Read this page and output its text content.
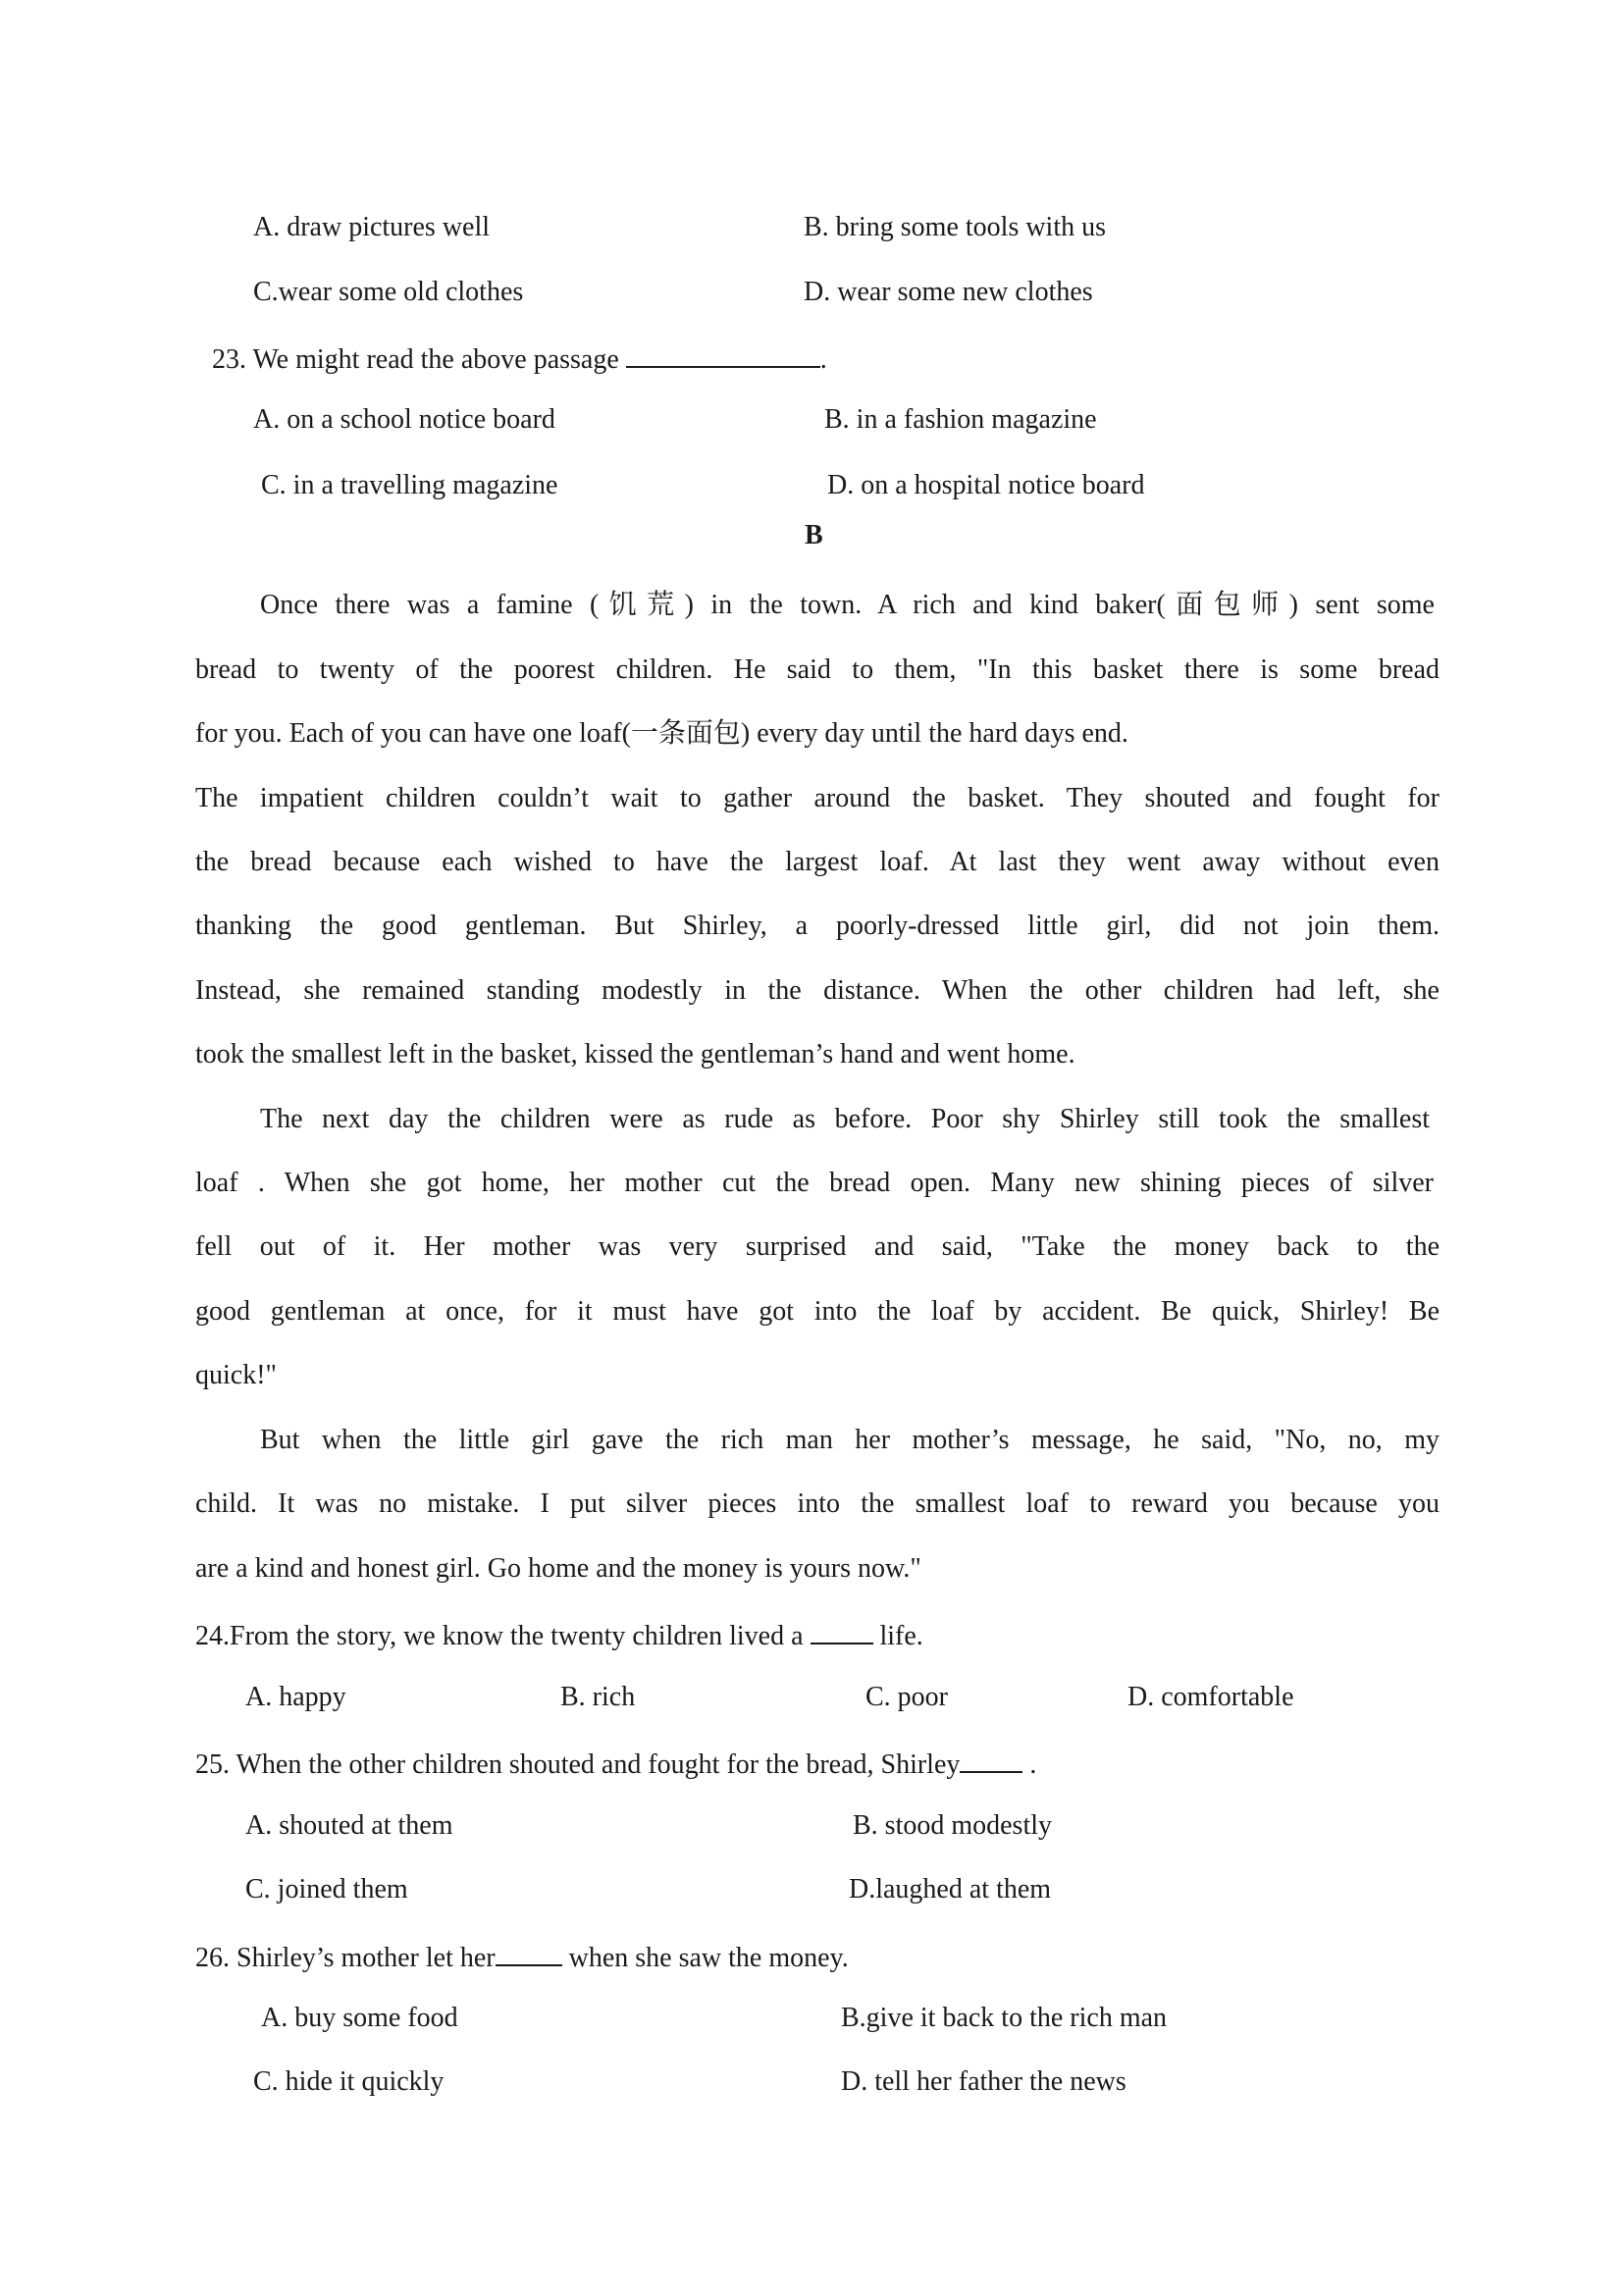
A. draw pictures well	B. bring some tools with us
C.wear some old clothes	D. wear some new clothes
23. We might read the above passage	.
A. on a school notice board	B. in a fashion magazine
C. in a travelling magazine	D. on a hospital notice board
B
Once there was a famine (饥荒) in the town. A rich and kind baker(面包师) sent some
bread to twenty of the poorest children. He said to them, "In this basket there is some bread
for you. Each of you can have one loaf(一条面包) every day until the hard days end.
The impatient children couldn’t wait to gather around the basket. They shouted and fought for
the bread because each wished to have the largest loaf. At last they went away without even
thanking the good gentleman. But Shirley, a poorly-dressed little girl, did not join them.
Instead, she remained standing modestly in the distance. When the other children had left, she
took the smallest left in the basket, kissed the gentleman’s hand and went home.
The next day the children were as rude as before. Poor shy Shirley still took the smallest
loaf . When she got home, her mother cut the bread open. Many new shining pieces of silver
fell out of it. Her mother was very surprised and said, "Take the money back to the
good gentleman at once, for it must have got into the loaf by accident. Be quick, Shirley! Be
quick!"
But when the little girl gave the rich man her mother’s message, he said, "No, no, my
child. It was no mistake. I put silver pieces into the smallest loaf to reward you because you
are a kind and honest girl. Go home and the money is yours now."
24.From the story, we know the twenty children lived a	life.
A. happy	B. rich	C. poor	D. comfortable
25. When the other children shouted and fought for the bread, Shirley	.
A. shouted at them	B. stood modestly
C. joined them	D.laughed at them
26. Shirley’s mother let her	when she saw the money.
A. buy some food	B.give it back to the rich man
C. hide it quickly	D. tell her father the news
